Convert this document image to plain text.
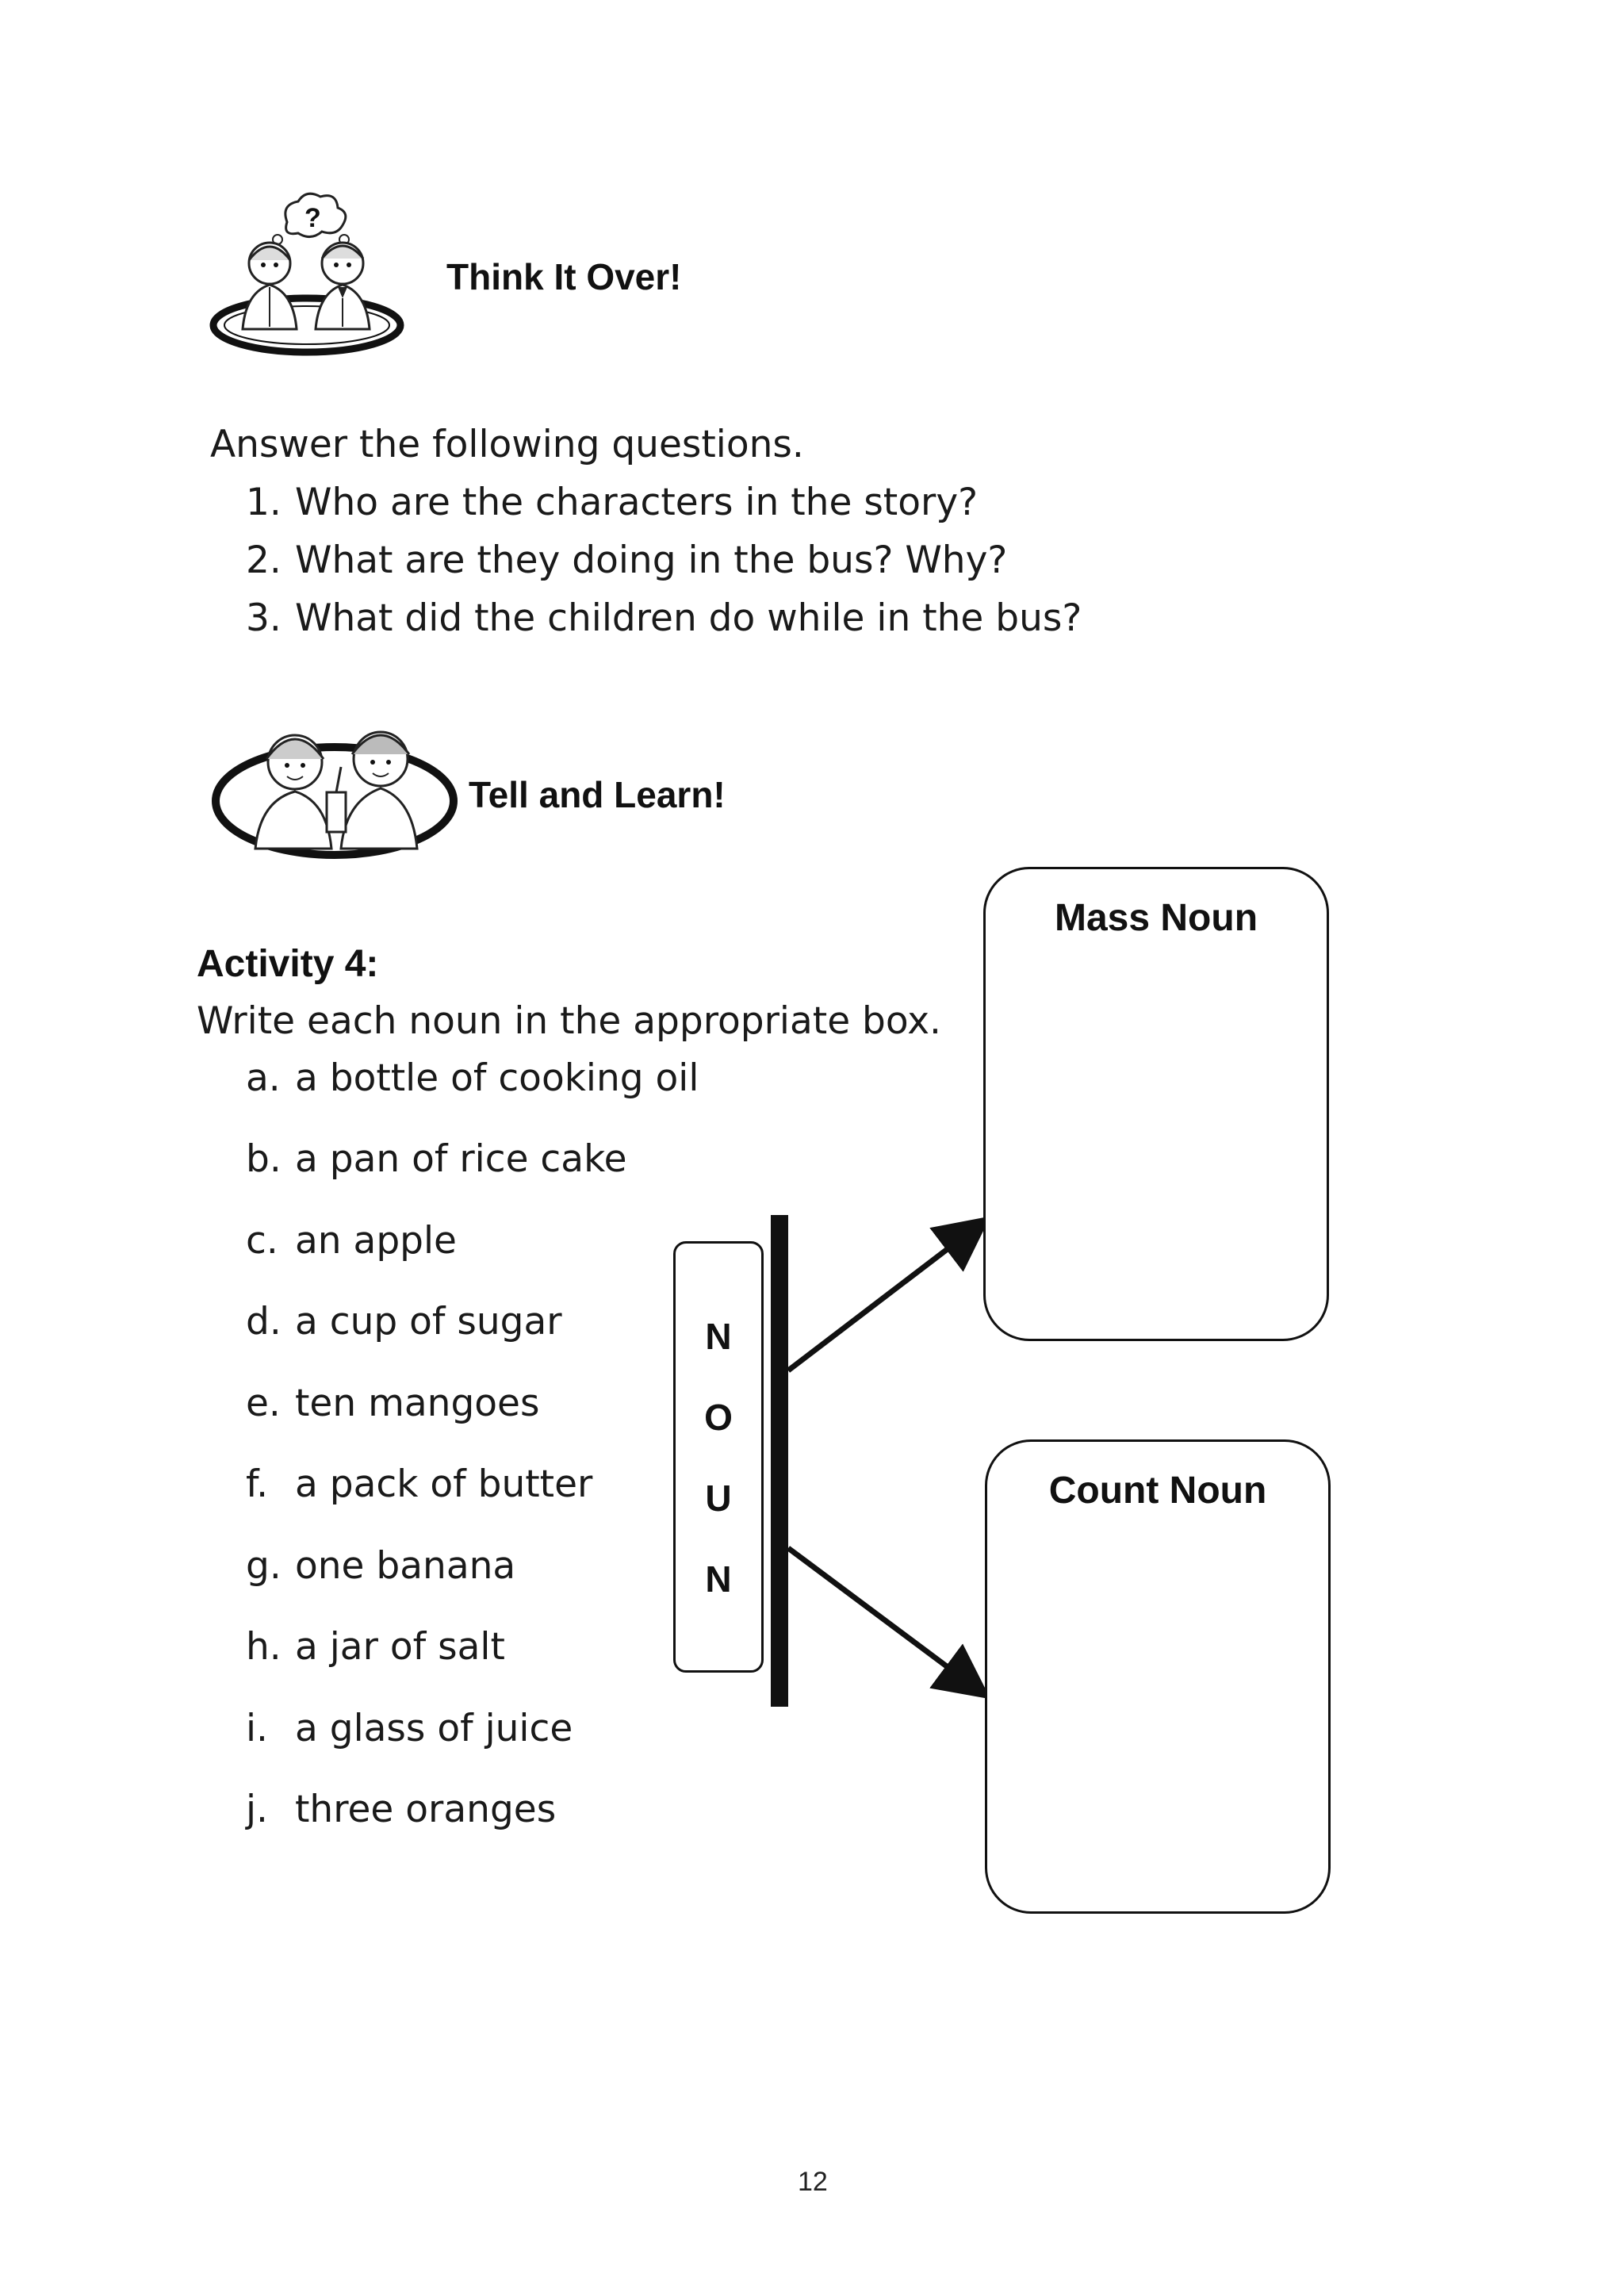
?
Think It Over!
Answer the following questions.
1. Who are the characters in the story?
2. What are they doing in the bus? Why?
3. What did the children do while in the bus?
Tell and Learn!
Activity 4:
Write each noun in the appropriate box.
a. a bottle of cooking oil
b. a pan of rice cake
c. an apple
d. a cup of sugar
e. ten mangoes
f. a pack of butter
g. one banana
h. a jar of salt
i. a glass of juice
j. three oranges
N
O
U
N
Mass Noun
Count Noun
12
